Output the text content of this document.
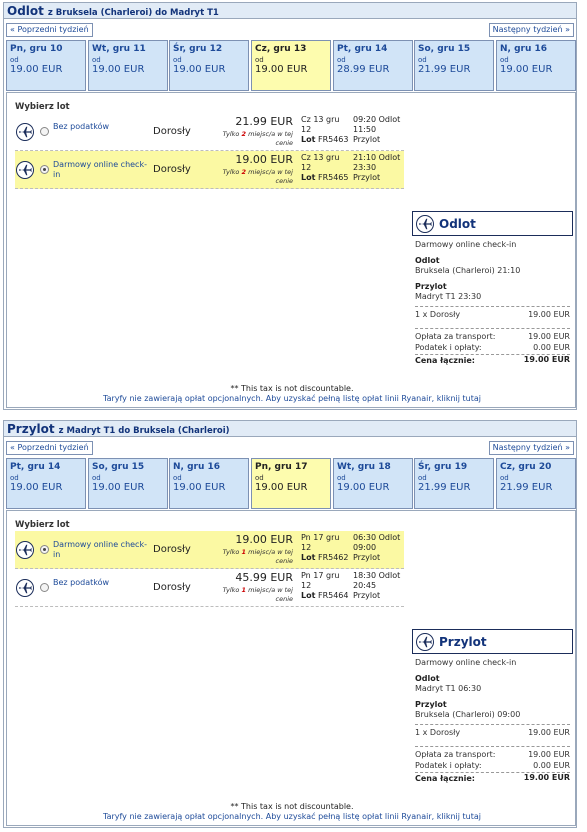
Odlot z Bruksela (Charleroi) do Madryt T1
« Poprzedni tydzień	Następny tydzień »
Pn, gru 10
od
19.00 EUR
Wt, gru 11
od
19.00 EUR
Śr, gru 12
od
19.00 EUR
Cz, gru 13
od
19.00 EUR
Pt, gru 14
od
28.99 EUR
So, gru 15
od
21.99 EUR
N, gru 16
od
19.00 EUR
Wybierz lot
Bez podatków	Dorosły
21.99 EUR
Tylko 2 miejsc/a w tej cenie
Cz 13 gru 12
Lot FR5463
09:20 Odlot
11:50
Przylot
Darmowy online check-in	Dorosły
19.00 EUR
Tylko 2 miejsc/a w tej cenie
Cz 13 gru 12
Lot FR5465
21:10 Odlot
23:30
Przylot
Odlot
Darmowy online check-in
Odlot
Bruksela (Charleroi) 21:10
Przylot
Madryt T1 23:30
1 x Dorosły	19.00 EUR
Opłata za transport:	19.00 EUR
Podatek i opłaty:	0.00 EUR
Cena łącznie:	19.00 EUR
** This tax is not discountable.
Taryfy nie zawierają opłat opcjonalnych. Aby uzyskać pełną listę opłat linii Ryanair, kliknij tutaj
Przylot z Madryt T1 do Bruksela (Charleroi)
« Poprzedni tydzień	Następny tydzień »
Pt, gru 14
od
19.00 EUR
So, gru 15
od
19.00 EUR
N, gru 16
od
19.00 EUR
Pn, gru 17
od
19.00 EUR
Wt, gru 18
od
19.00 EUR
Śr, gru 19
od
21.99 EUR
Cz, gru 20
od
21.99 EUR
Wybierz lot
Darmowy online check-in	Dorosły
19.00 EUR
Tylko 1 miejsc/a w tej cenie
Pn 17 gru 12
Lot FR5462
06:30 Odlot
09:00
Przylot
Bez podatków	Dorosły
45.99 EUR
Tylko 1 miejsc/a w tej cenie
Pn 17 gru 12
Lot FR5464
18:30 Odlot
20:45
Przylot
Przylot
Darmowy online check-in
Odlot
Madryt T1 06:30
Przylot
Bruksela (Charleroi) 09:00
1 x Dorosły	19.00 EUR
Opłata za transport:	19.00 EUR
Podatek i opłaty:	0.00 EUR
Cena łącznie:	19.00 EUR
** This tax is not discountable.
Taryfy nie zawierają opłat opcjonalnych. Aby uzyskać pełną listę opłat linii Ryanair, kliknij tutaj
